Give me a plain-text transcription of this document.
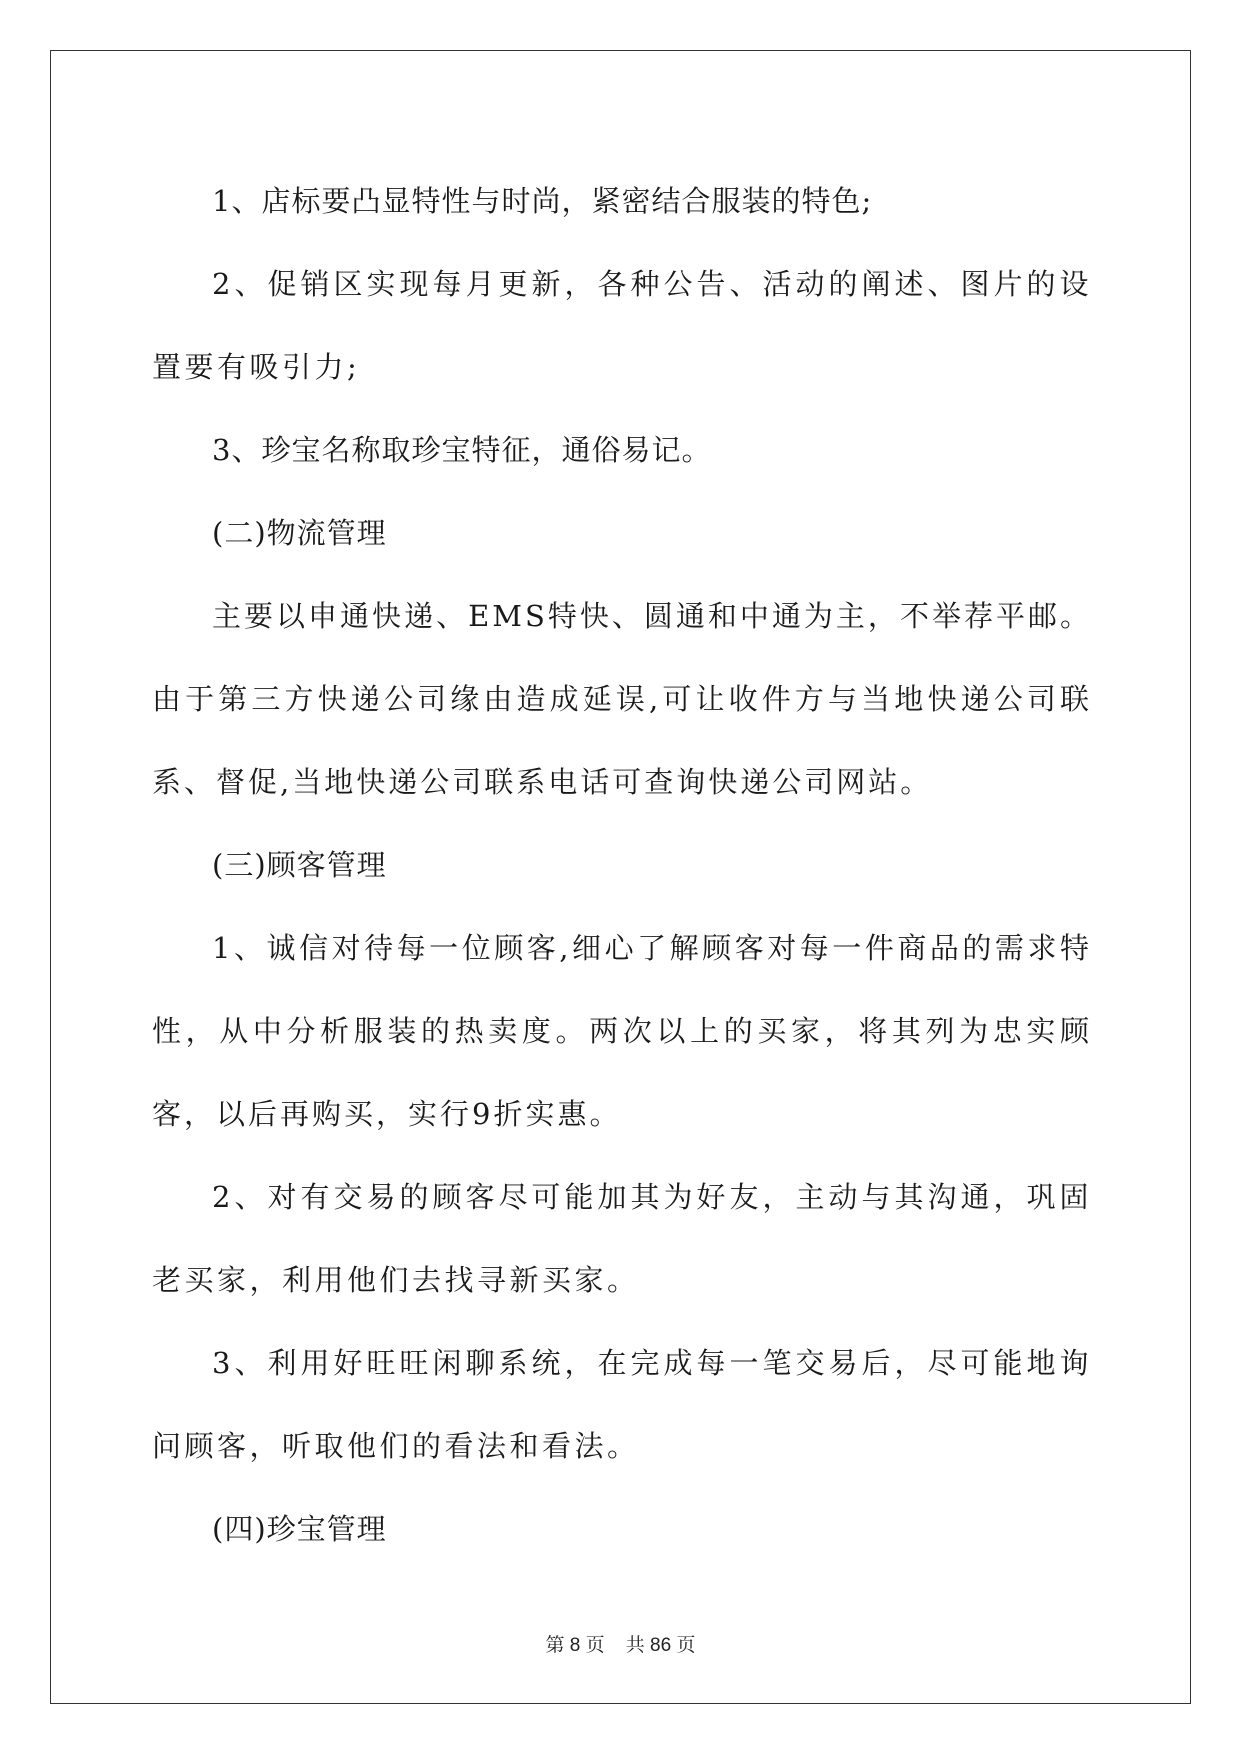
1、店标要凸显特性与时尚，紧密结合服装的特色;

2、促销区实现每月更新，各种公告、活动的阐述、图片的设置要有吸引力;

3、珍宝名称取珍宝特征，通俗易记。

(二)物流管理

主要以申通快递、EMS特快、圆通和中通为主，不举荐平邮。由于第三方快递公司缘由造成延误,可让收件方与当地快递公司联系、督促,当地快递公司联系电话可查询快递公司网站。

(三)顾客管理

1、诚信对待每一位顾客,细心了解顾客对每一件商品的需求特性，从中分析服装的热卖度。两次以上的买家，将其列为忠实顾客，以后再购买，实行9折实惠。

2、对有交易的顾客尽可能加其为好友，主动与其沟通，巩固老买家，利用他们去找寻新买家。

3、利用好旺旺闲聊系统，在完成每一笔交易后，尽可能地询问顾客，听取他们的看法和看法。

(四)珍宝管理

第 8 页    共 86 页
